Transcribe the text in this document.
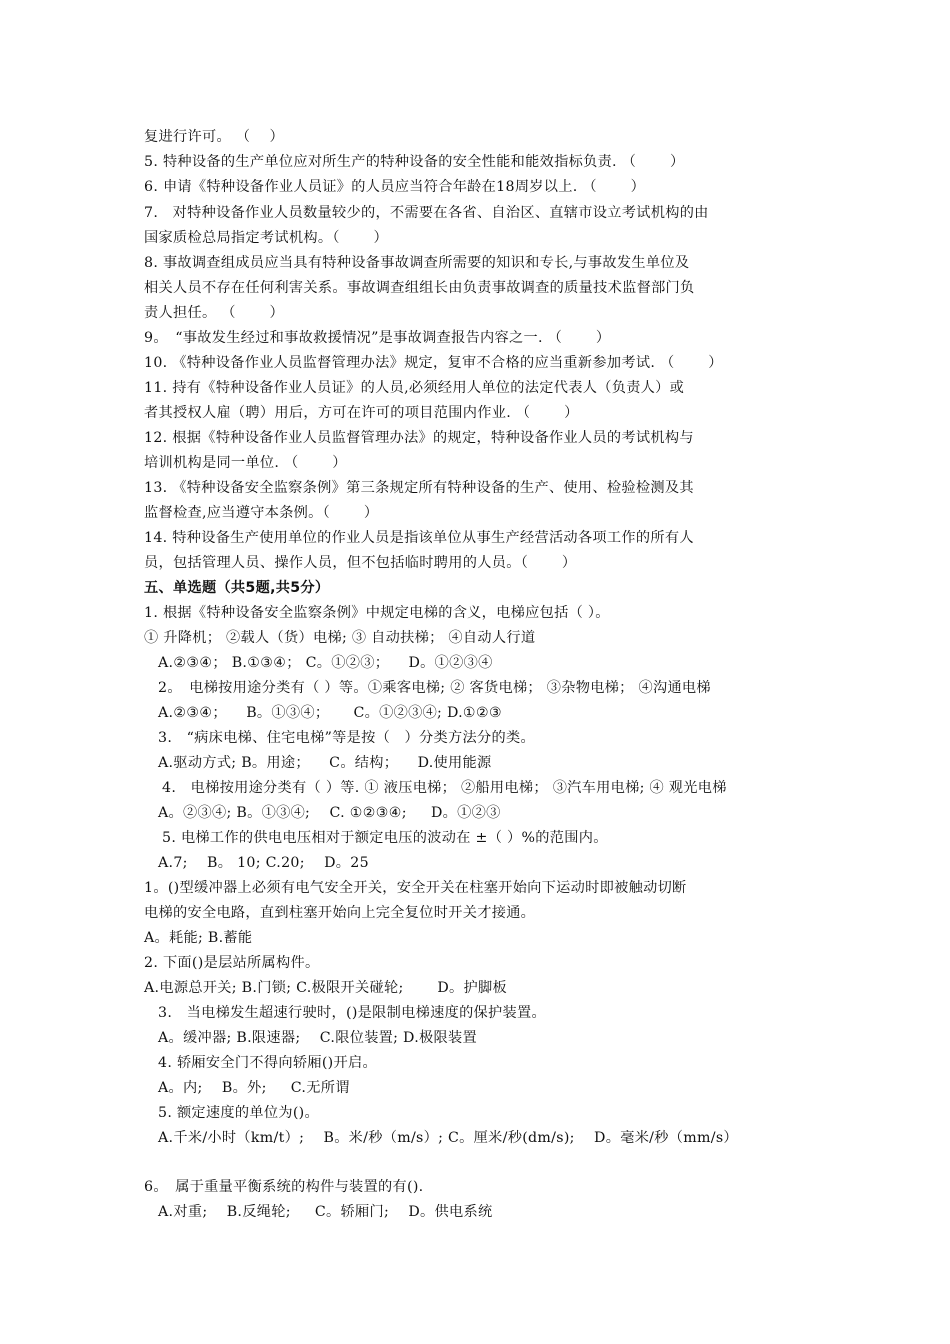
复进行许可。 （　 ）
5. 特种设备的生产单位应对所生产的特种设备的安全性能和能效指标负责. （　　 ）
6. 申请《特种设备作业人员证》的人员应当符合年龄在18周岁以上. （　　 ）
7.　对特种设备作业人员数量较少的，不需要在各省、自治区、直辖市设立考试机构的由
国家质检总局指定考试机构。（　　 ）
8. 事故调查组成员应当具有特种设备事故调查所需要的知识和专长,与事故发生单位及
相关人员不存在任何利害关系。事故调查组组长由负责事故调查的质量技术监督部门负
责人担任。 （　　 ）
9。　“事故发生经过和事故救援情况”是事故调查报告内容之一. （　　 ）
10. 《特种设备作业人员监督管理办法》规定，复审不合格的应当重新参加考试. （　　 ）
11. 持有《特种设备作业人员证》的人员,必须经用人单位的法定代表人（负责人）或
者其授权人雇（聘）用后，方可在许可的项目范围内作业. （　　 ）
12. 根据《特种设备作业人员监督管理办法》的规定，特种设备作业人员的考试机构与
培训机构是同一单位. （　　 ）
13. 《特种设备安全监察条例》第三条规定所有特种设备的生产、使用、检验检测及其
监督检查,应当遵守本条例。（　　 ）
14. 特种设备生产使用单位的作业人员是指该单位从事生产经营活动各项工作的所有人
员，包括管理人员、操作人员，但不包括临时聘用的人员。（　　 ）
五、单选题（共5题,共5分）
1. 根据《特种设备安全监察条例》中规定电梯的含义，电梯应包括（ ）。
① 升降机； ②载人（货）电梯; ③ 自动扶梯； ④自动人行道
A.②③④； B.①③④； C。①②③； 　D。①②③④
2。　电梯按用途分类有（ ）等。①乘客电梯; ② 客货电梯； ③杂物电梯； ④沟通电梯
A.②③④； 　B。①③④； 　 C。①②③④; D.①②③
3.　“病床电梯、住宅电梯”等是按（　）分类方法分的类。
A.驱动方式; B。用途； 　C。结构； 　D.使用能源
4.　电梯按用途分类有（ ）等. ① 液压电梯； ②船用电梯； ③汽车用电梯; ④ 观光电梯
A。②③④; B。①③④; 　C. ①②③④; 　 D。①②③
5. 电梯工作的供电电压相对于额定电压的波动在 ±（ ）%的范围内。
A.7; 　B。 10; C.20; 　D。25
1。()型缓冲器上必须有电气安全开关，安全开关在柱塞开始向下运动时即被触动切断
电梯的安全电路，直到柱塞开始向上完全复位时开关才接通。
A。耗能; B.蓄能
2. 下面()是层站所属构件。
A.电源总开关; B.门锁; C.极限开关碰轮; 　　D。护脚板
3.　当电梯发生超速行驶时，()是限制电梯速度的保护装置。
A。缓冲器; B.限速器; 　C.限位装置; D.极限装置
4. 轿厢安全门不得向轿厢()开启。
A。内; 　B。外; 　 C.无所谓
5. 额定速度的单位为()。
A.千米/小时（km/t）; 　B。米/秒（m/s）; C。厘米/秒(dm/s); 　D。毫米/秒（mm/s）
6。　属于重量平衡系统的构件与装置的有().
A.对重; 　B.反绳轮; 　 C。轿厢门; 　D。供电系统
